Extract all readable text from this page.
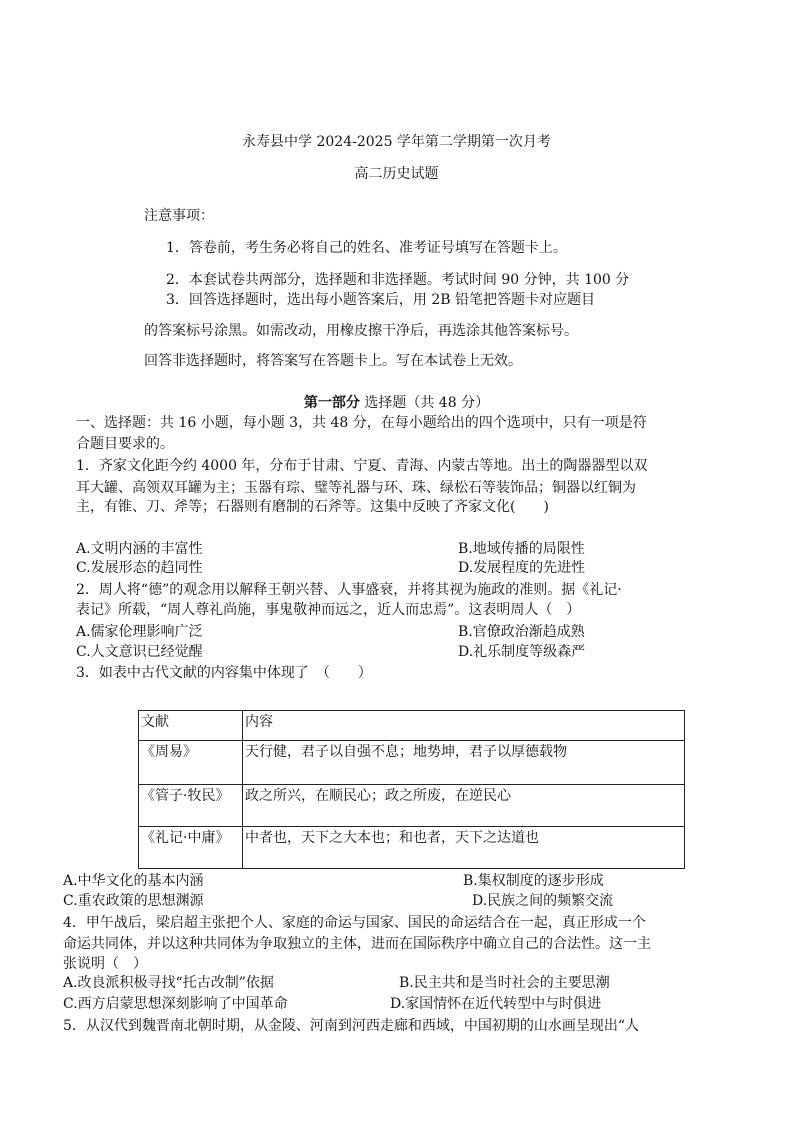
永寿县中学 2024-2025 学年第二学期第一次月考
高二历史试题
注意事项：
1．答卷前，考生务必将自己的姓名、准考证号填写在答题卡上。
2．本套试卷共两部分，选择题和非选择题。考试时间 90 分钟，共 100 分
3．回答选择题时，选出每小题答案后，用 2B 铅笔把答题卡对应题目
的答案标号涂黑。如需改动，用橡皮擦干净后，再选涂其他答案标号。
回答非选择题时，将答案写在答题卡上。写在本试卷上无效。
第一部分 选择题（共 48 分）
一、选择题：共 16 小题，每小题 3，共 48 分，在每小题给出的四个选项中，只有一项是符
合题目要求的。
1．齐家文化距今约 4000 年，分布于甘肃、宁夏、青海、内蒙古等地。出土的陶器器型以双
耳大罐、高领双耳罐为主；玉器有琮、璧等礼器与环、珠、绿松石等装饰品；铜器以红铜为
主，有锥、刀、斧等；石器则有磨制的石斧等。这集中反映了齐家文化(　　)
A.文明内涵的丰富性	B.地域传播的局限性
C.发展形态的趋同性	D.发展程度的先进性
2．周人将“德”的观念用以解释王朝兴替、人事盛衰，并将其视为施政的准则。据《礼记·
表记》所载，“周人尊礼尚施，事鬼敬神而远之，近人而忠焉”。这表明周人（　）
A.儒家伦理影响广泛	B.官僚政治渐趋成熟
C.人文意识已经觉醒	D.礼乐制度等级森严
3．如表中古代文献的内容集中体现了　（　　）
文献	内容
《周易》	天行健，君子以自强不息；地势坤，君子以厚德载物
《管子·牧民》	政之所兴，在顺民心；政之所废，在逆民心
《礼记·中庸》	中者也，天下之大本也；和也者，天下之达道也
A.中华文化的基本内涵	B.集权制度的逐步形成
C.重农政策的思想渊源	D.民族之间的频繁交流
4．甲午战后，梁启超主张把个人、家庭的命运与国家、国民的命运结合在一起，真正形成一个
命运共同体，并以这种共同体为争取独立的主体，进而在国际秩序中确立自己的合法性。这一主
张说明（　）
A.改良派积极寻找“托古改制”依据	B.民主共和是当时社会的主要思潮
C.西方启蒙思想深刻影响了中国革命	D.家国情怀在近代转型中与时俱进
5．从汉代到魏晋南北朝时期，从金陵、河南到河西走廊和西域，中国初期的山水画呈现出“人
